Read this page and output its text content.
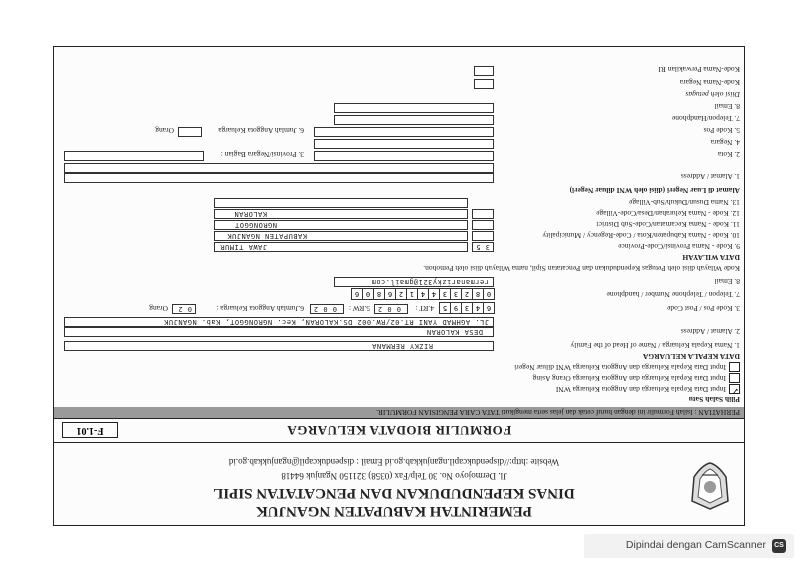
PEMERINTAH KABUPATEN NGANJUK
DINAS KEPENDUDUKAN DAN PENCATATAN SIPIL
Jl. Dermojoyo No. 30 Telp/Fax (0358) 321150 Nganjuk 64418
Website :http://dispendukcapil.nganjukkab.go.id Email : dispendukcapil@nganjukkab.go.id
FORMULIR BIODATA KELUARGA
F-1.01
PERHATIAN : Isilah Formulir ini dengan huruf cetak dan jelas serta mengikuti TATA CARA PENGISIAN FORMULIR.
Pilih Salah Satu
✓
Input Data Kepala Keluarga dan Anggota Keluarga WNI
Input Data Kepala Keluarga dan Anggota Keluarga Orang Asing
Input Data Kepala Keluarga dan Anggota Keluarga WNI diluar Negeri
DATA KEPALA KELUARGA
1. Nama Kepala Keluarga / Name of Head of the Family
RIZKY RERMANA
2. Alamat / Address
DESA KALORAN
JL. AGHMAD YANI RT.02/RW.002 DS.KALORAN, Kec. NGRONGGOT, Kab. NGANJUK
3. Kode Pos / Post Code
6
4
3
9
5
4.RT :
0 0 2
5.RW :
0 0 2
6.Jumlah Anggota Keluarga :
0 2
Orang
7. Telepon / Telephone Number / handphone
0
8
2
3
3
4
4
1
2
6
8
0
6
8. Email
rermanarizky321@gmail.com
Kode Wilayah diisi oleh Petugas Kependudukan dan Pencatatan Sipil, nama Wilayah diisi oleh Pemohon.
DATA WILAYAH
9. Kode - Nama Provinsi/Code-Province
3 5
JAWA TIMUR
10. Kode - Nama Kabupaten/Kota / Code-Regency / Municipality
KABUPATEN NGANJUK
11. Kode - Nama Kecamatan/Code-Sub District
NGRONGGOT
12. Kode - Nama Kelurahan/Desa/Code-Village
KALORAN
13. Nama Dusun/Dukuh/Sub-Village
Alamat di Luar Negeri (diisi oleh WNI diluar Negeri)
1. Alamat / Address
2. Kota
3. Provinsi/Negara Bagian :
4. Negara
5. Kode Pos
6. Jumlah Anggota Keluarga
Orang
7. Telepon/Handphone
8. Email
Diisi oleh petugas
Kode-Nama Negara
Kode-Nama Perwakilan RI
CS
Dipindai dengan CamScanner
